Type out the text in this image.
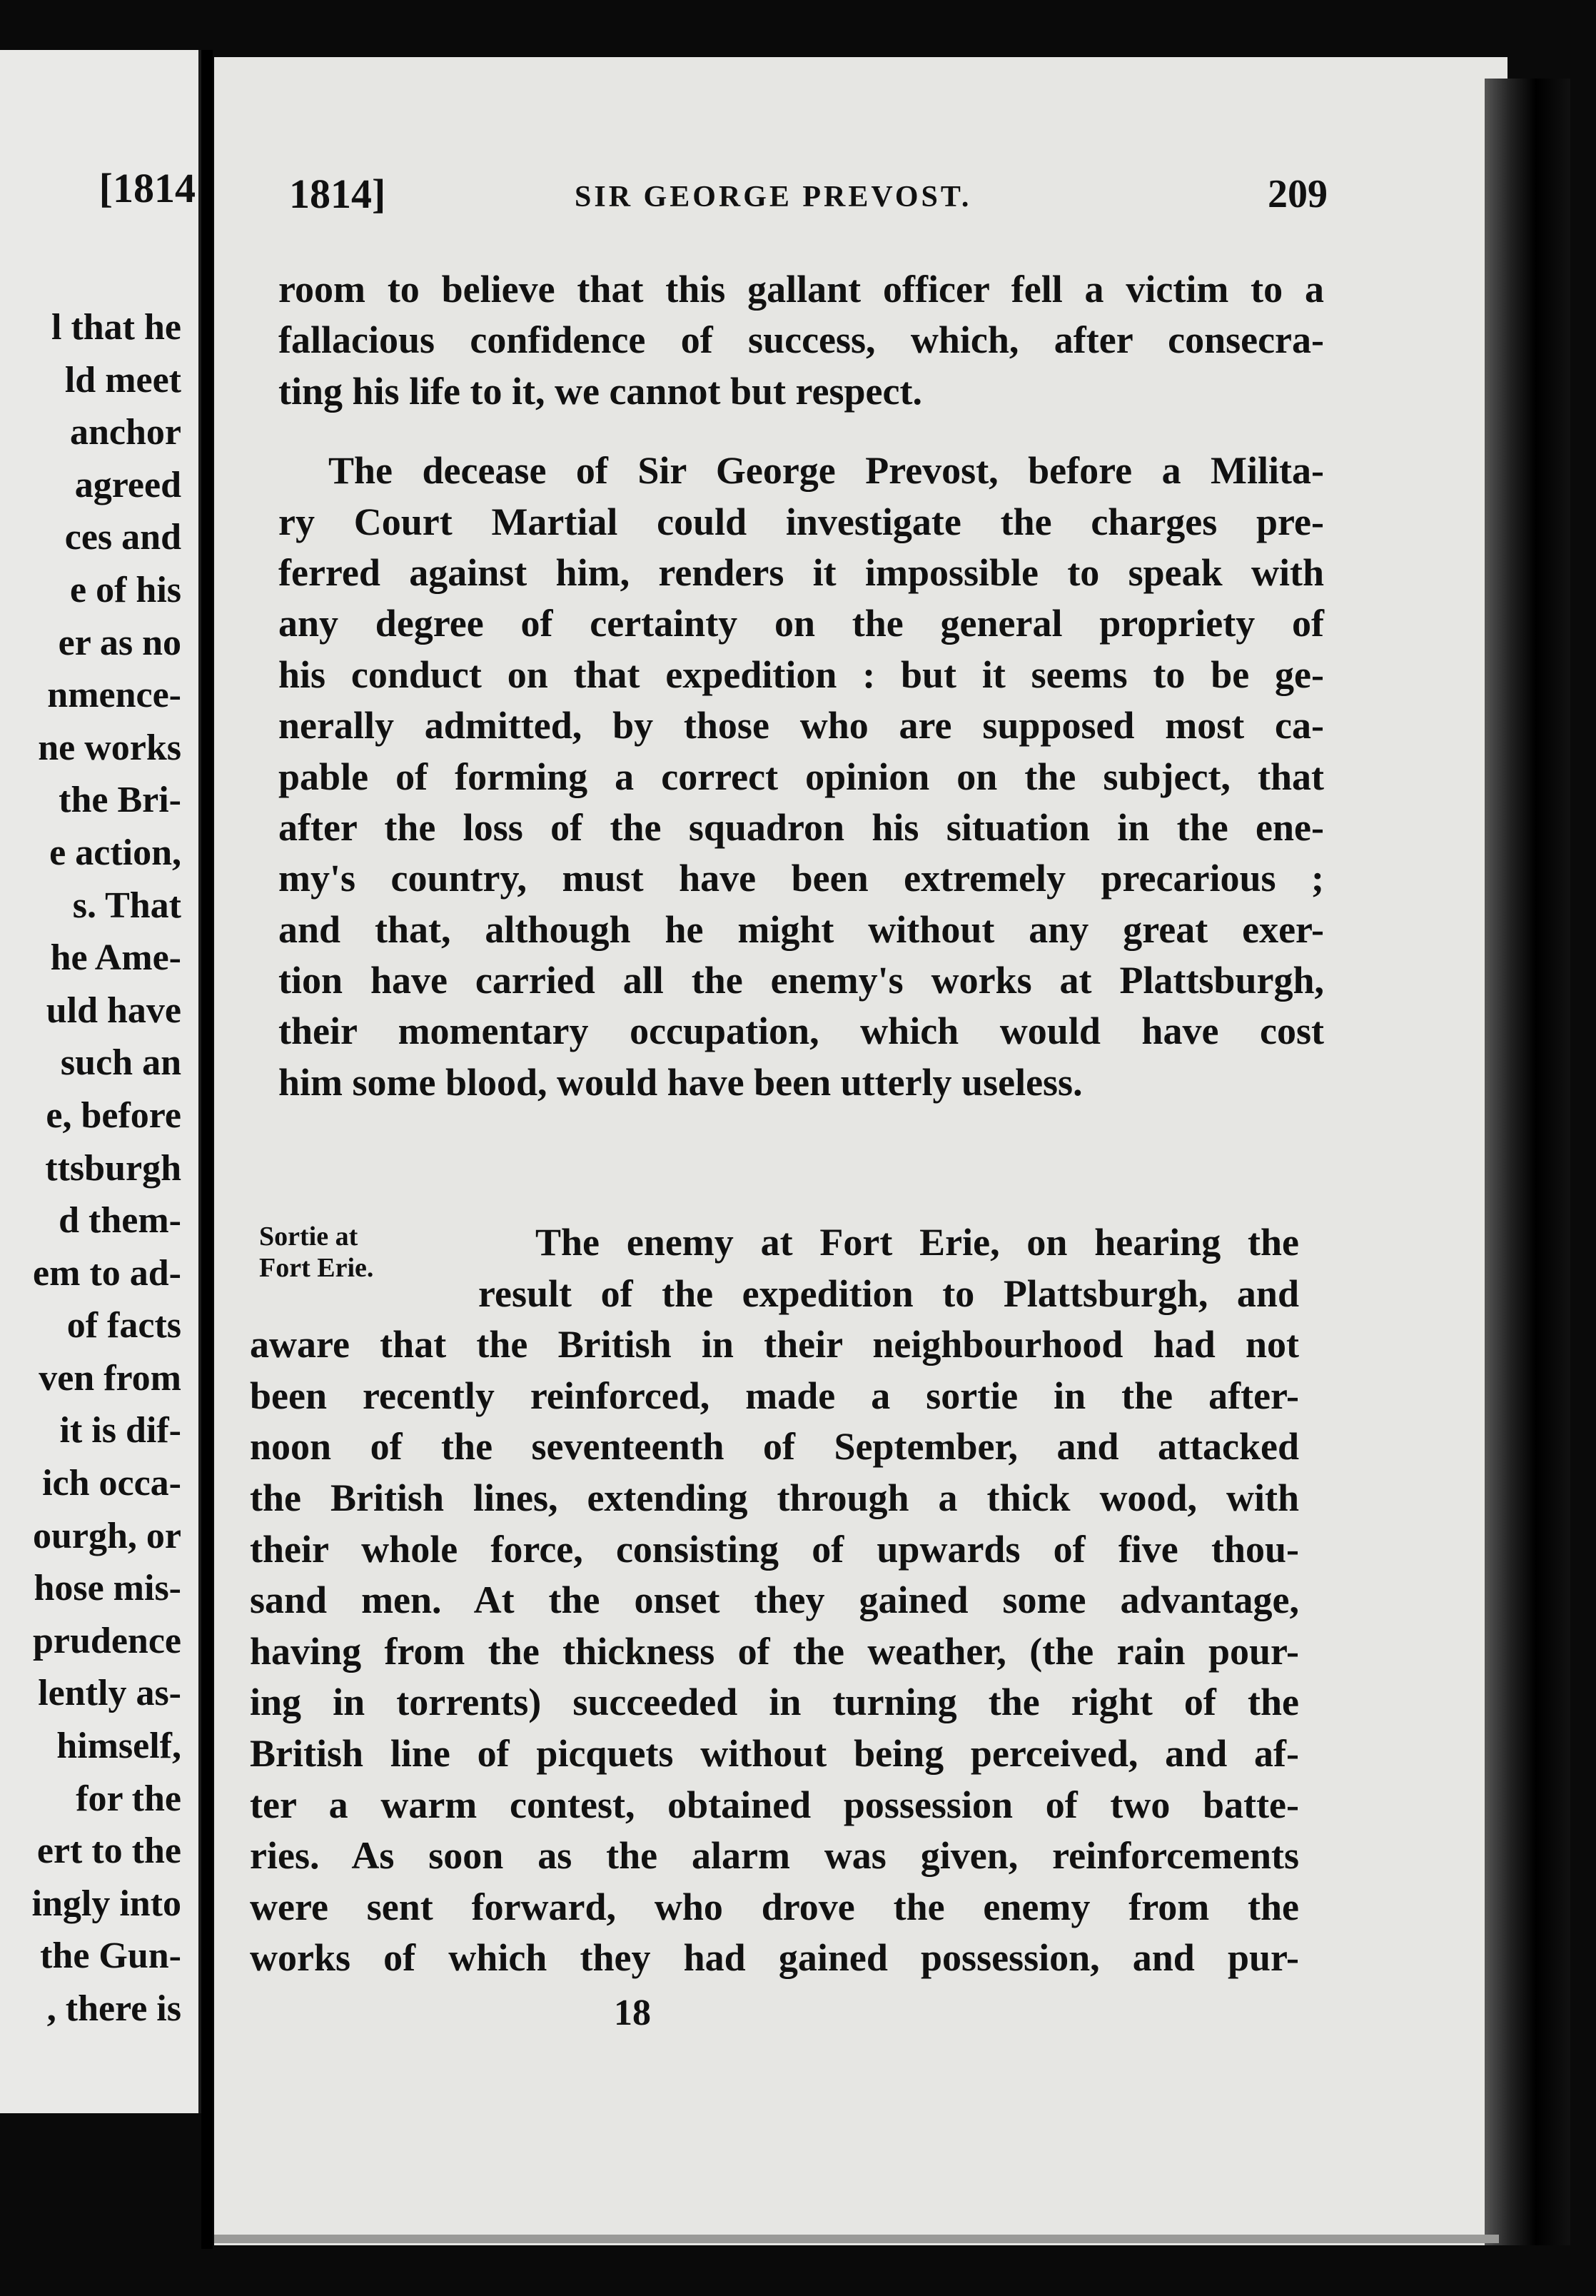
[1814
l that he
ld meet
anchor
agreed
ces and
e of his
er as no
nmence-
ne works
the Bri-
e action,
s. That
he Ame-
uld have
such an
e, before
ttsburgh
d them-
em to ad-
of facts
ven from
it is dif-
ich occa-
ourgh, or
hose mis-
prudence
lently as-
himself,
for the
ert to the
ingly into
the Gun-
, there is
1814]	SIR GEORGE PREVOST.	209
room to believe that this gallant officer fell a victim to a
fallacious confidence of success, which, after consecra-
ting his life to it, we cannot but respect.
The decease of Sir George Prevost, before a Milita-
ry Court Martial could investigate the charges pre-
ferred against him, renders it impossible to speak with
any degree of certainty on the general propriety of
his conduct on that expedition : but it seems to be ge-
nerally admitted, by those who are supposed most ca-
pable of forming a correct opinion on the subject, that
after the loss of the squadron his situation in the ene-
my's country, must have been extremely precarious ;
and that, although he might without any great exer-
tion have carried all the enemy's works at Plattsburgh,
their momentary occupation, which would have cost
him some blood, would have been utterly useless.
Sortie at
Fort Erie.
The enemy at Fort Erie, on hearing the
result of the expedition to Plattsburgh, and
aware that the British in their neighbourhood had not
been recently reinforced, made a sortie in the after-
noon of the seventeenth of September, and attacked
the British lines, extending through a thick wood, with
their whole force, consisting of upwards of five thou-
sand men. At the onset they gained some advantage,
having from the thickness of the weather, (the rain pour-
ing in torrents) succeeded in turning the right of the
British line of picquets without being perceived, and af-
ter a warm contest, obtained possession of two batte-
ries. As soon as the alarm was given, reinforcements
were sent forward, who drove the enemy from the
works of which they had gained possession, and pur-
18
